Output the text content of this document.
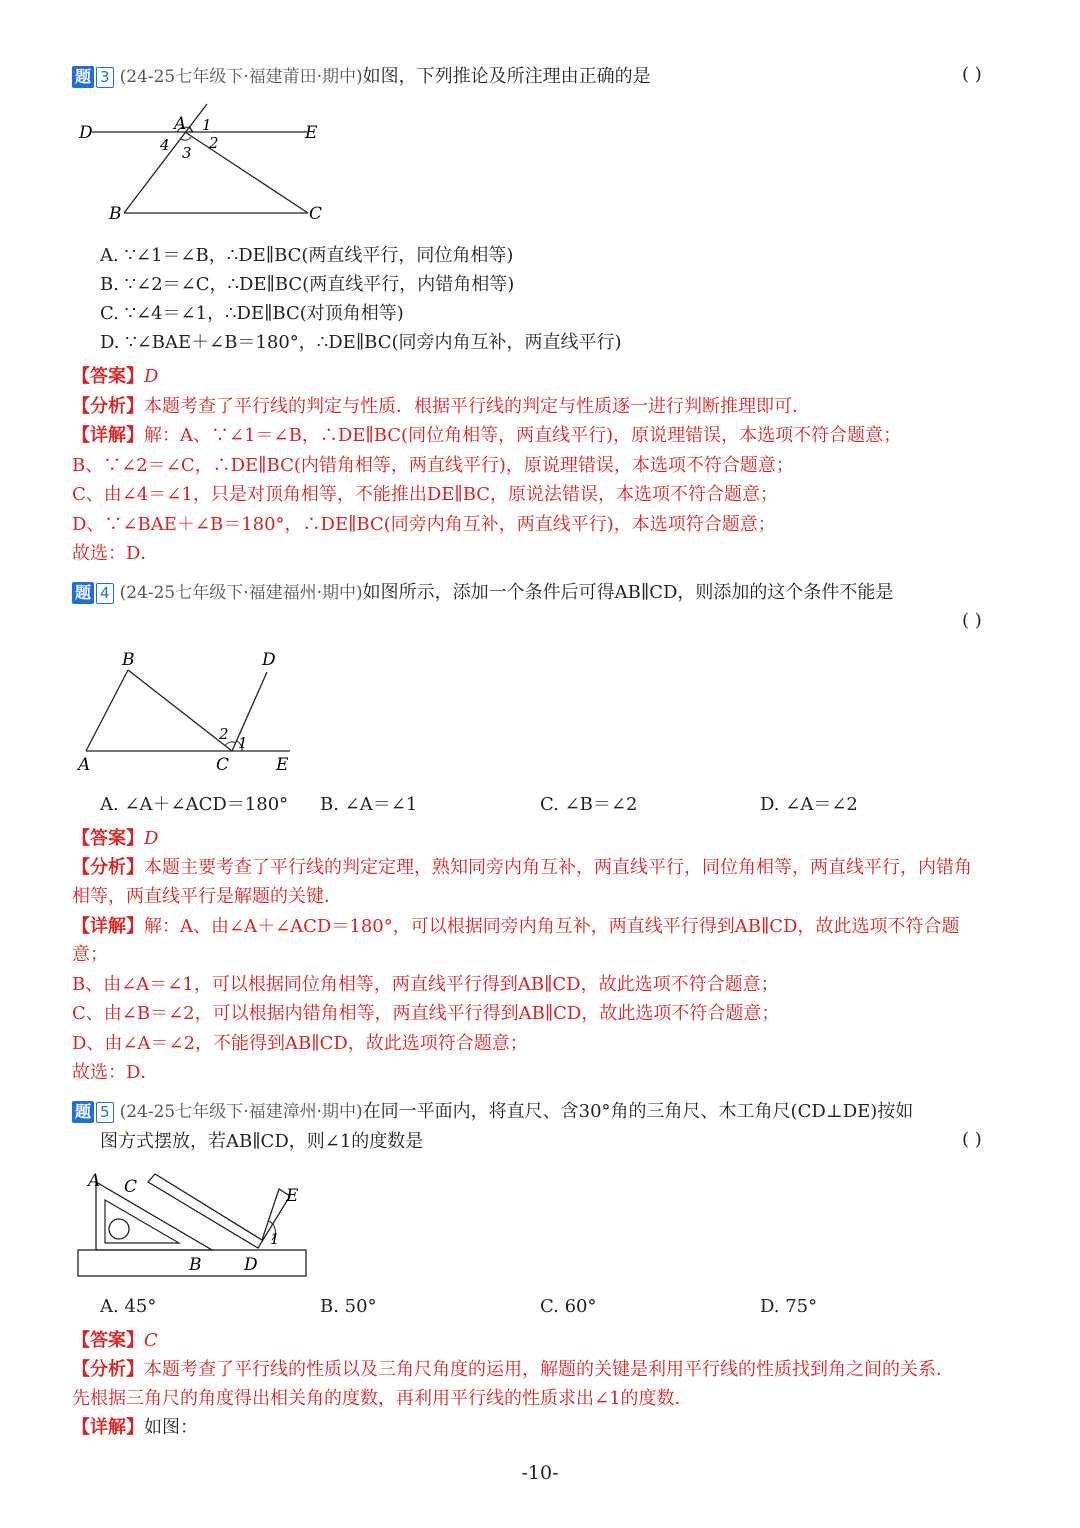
题 3 (24-25七年级下·福建莆田·期中)如图，下列推论及所注理由正确的是	( )
D	E
A
B	C
1
2
3
4
A. ∵∠1＝∠B，∴DE∥BC(两直线平行，同位角相等)
B. ∵∠2＝∠C，∴DE∥BC(两直线平行，内错角相等)
C. ∵∠4＝∠1，∴DE∥BC(对顶角相等)
D. ∵∠BAE＋∠B＝180°，∴DE∥BC(同旁内角互补，两直线平行)
【答案】D
【分析】本题考查了平行线的判定与性质．根据平行线的判定与性质逐一进行判断推理即可．
【详解】解：A、∵∠1＝∠B，∴DE∥BC(同位角相等，两直线平行)，原说理错误，本选项不符合题意；
B、∵∠2＝∠C，∴DE∥BC(内错角相等，两直线平行)，原说理错误，本选项不符合题意；
C、由∠4＝∠1，只是对顶角相等，不能推出DE∥BC，原说法错误，本选项不符合题意；
D、∵∠BAE＋∠B＝180°，∴DE∥BC(同旁内角互补，两直线平行)，本选项符合题意；
故选：D．
题 4 (24-25七年级下·福建福州·期中)如图所示，添加一个条件后可得AB∥CD，则添加的这个条件不能是
( )
B	D
A	C	E
2 1
A. ∠A＋∠ACD＝180° B. ∠A＝∠1	C. ∠B＝∠2	D. ∠A＝∠2
【答案】D
【分析】本题主要考查了平行线的判定定理，熟知同旁内角互补，两直线平行，同位角相等，两直线平行，内错角
相等，两直线平行是解题的关键．
【详解】解：A、由∠A＋∠ACD＝180°，可以根据同旁内角互补，两直线平行得到AB∥CD，故此选项不符合题
意；
B、由∠A＝∠1，可以根据同位角相等，两直线平行得到AB∥CD，故此选项不符合题意；
C、由∠B＝∠2，可以根据内错角相等，两直线平行得到AB∥CD，故此选项不符合题意；
D、由∠A＝∠2，不能得到AB∥CD，故此选项符合题意；
故选：D．
题 5 (24-25七年级下·福建漳州·期中)在同一平面内，将直尺、含30°角的三角尺、木工角尺(CD⊥DE)按如
图方式摆放，若AB∥CD，则∠1的度数是	( )
A C	E
B	D
1
A. 45°	B. 50°	C. 60°	D. 75°
【答案】C
【分析】本题考查了平行线的性质以及三角尺角度的运用，解题的关键是利用平行线的性质找到角之间的关系．
先根据三角尺的角度得出相关角的度数，再利用平行线的性质求出∠1的度数．
【详解】如图：
-10-
